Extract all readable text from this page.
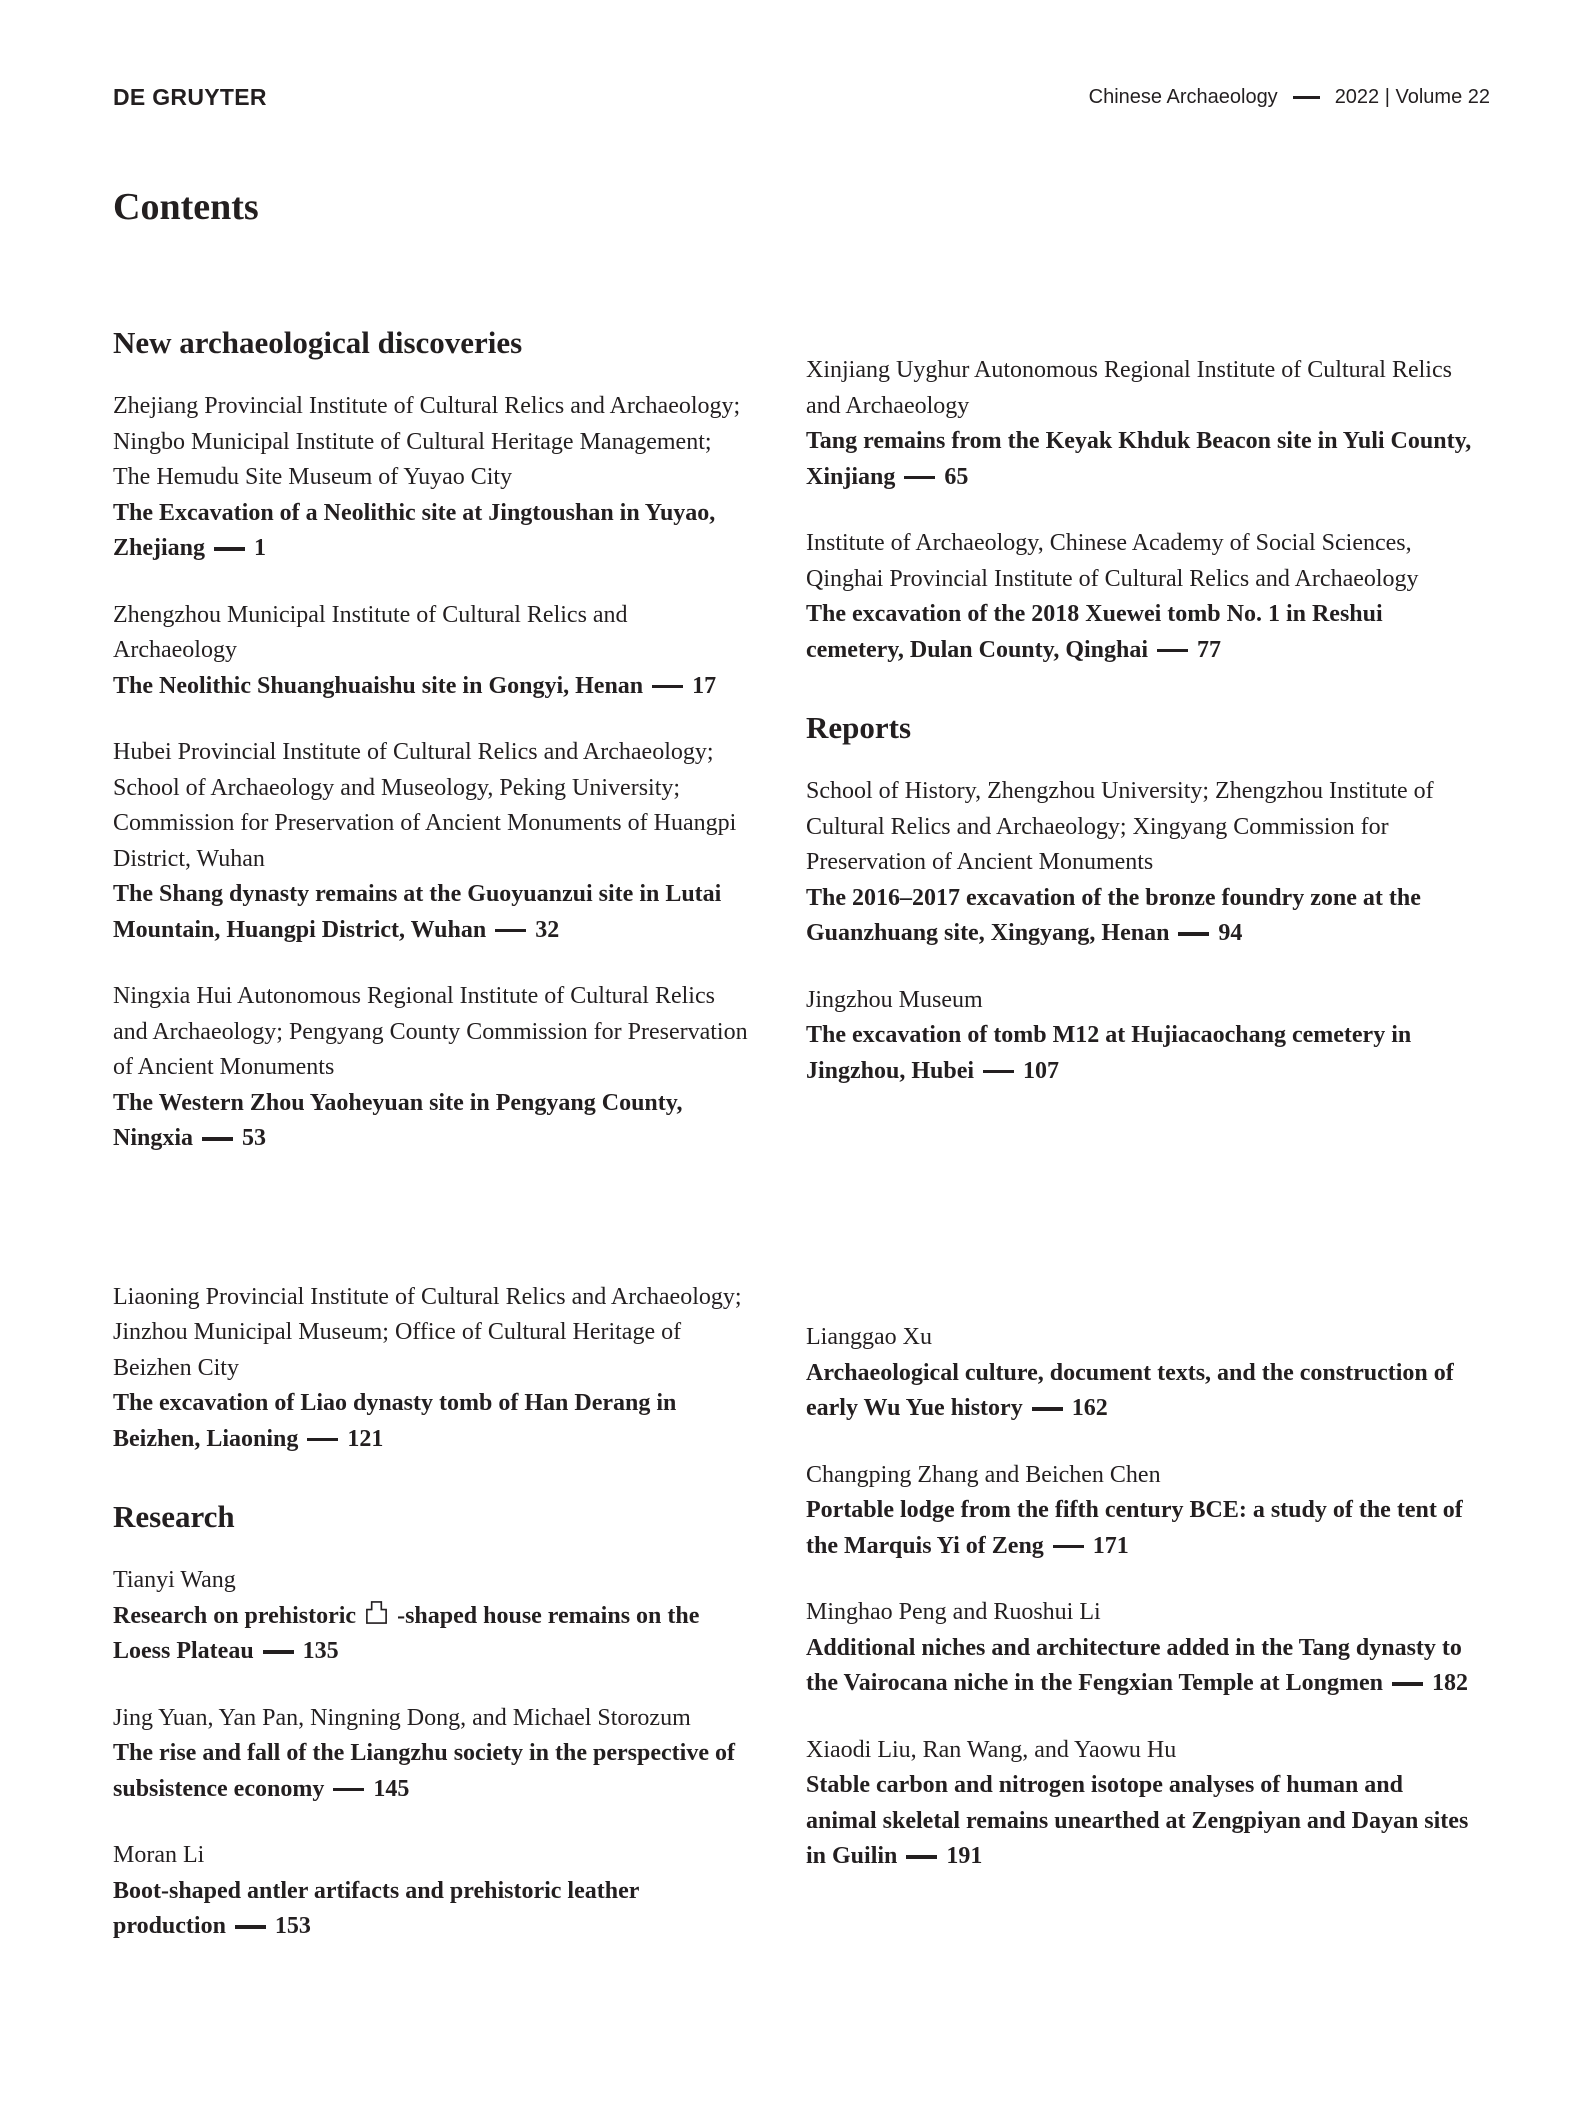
DE GRUYTER	Chinese Archaeology	2022 | Volume 22
Contents
New archaeological discoveries

Zhejiang Provincial Institute of Cultural Relics and Archaeology; Ningbo Municipal Institute of Cultural Heritage Management; The Hemudu Site Museum of Yuyao City

The Excavation of a Neolithic site at Jingtoushan in Yuyao, Zhejiang 1

Zhengzhou Municipal Institute of Cultural Relics and Archaeology

The Neolithic Shuanghuaishu site in Gongyi, Henan 17

Hubei Provincial Institute of Cultural Relics and Archaeology; School of Archaeology and Museology, Peking University; Commission for Preservation of Ancient Monuments of Huangpi District, Wuhan

The Shang dynasty remains at the Guoyuanzui site in Lutai Mountain, Huangpi District, Wuhan 32

Ningxia Hui Autonomous Regional Institute of Cultural Relics and Archaeology; Pengyang County Commission for Preservation of Ancient Monuments

The Western Zhou Yaoheyuan site in Pengyang County, Ningxia 53

Liaoning Provincial Institute of Cultural Relics and Archaeology; Jinzhou Municipal Museum; Office of Cultural Heritage of Beizhen City

The excavation of Liao dynasty tomb of Han Derang in Beizhen, Liaoning 121

Research

Tianyi Wang

Research on prehistoric -shaped house remains on the Loess Plateau 135

Jing Yuan, Yan Pan, Ningning Dong, and Michael Storozum

The rise and fall of the Liangzhu society in the perspective of subsistence economy 145

Moran Li

Boot-shaped antler artifacts and prehistoric leather production 153

Xinjiang Uyghur Autonomous Regional Institute of Cultural Relics and Archaeology

Tang remains from the Keyak Khduk Beacon site in Yuli County, Xinjiang 65

Institute of Archaeology, Chinese Academy of Social Sciences, Qinghai Provincial Institute of Cultural Relics and Archaeology

The excavation of the 2018 Xuewei tomb No. 1 in Reshui cemetery, Dulan County, Qinghai 77

Reports

School of History, Zhengzhou University; Zhengzhou Institute of Cultural Relics and Archaeology; Xingyang Commission for Preservation of Ancient Monuments

The 2016–2017 excavation of the bronze foundry zone at the Guanzhuang site, Xingyang, Henan 94

Jingzhou Museum

The excavation of tomb M12 at Hujiacaochang cemetery in Jingzhou, Hubei 107

Lianggao Xu

Archaeological culture, document texts, and the construction of early Wu Yue history 162

Changping Zhang and Beichen Chen

Portable lodge from the fifth century BCE: a study of the tent of the Marquis Yi of Zeng 171

Minghao Peng and Ruoshui Li

Additional niches and architecture added in the Tang dynasty to the Vairocana niche in the Fengxian Temple at Longmen 182

Xiaodi Liu, Ran Wang, and Yaowu Hu

Stable carbon and nitrogen isotope analyses of human and animal skeletal remains unearthed at Zengpiyan and Dayan sites in Guilin 191
